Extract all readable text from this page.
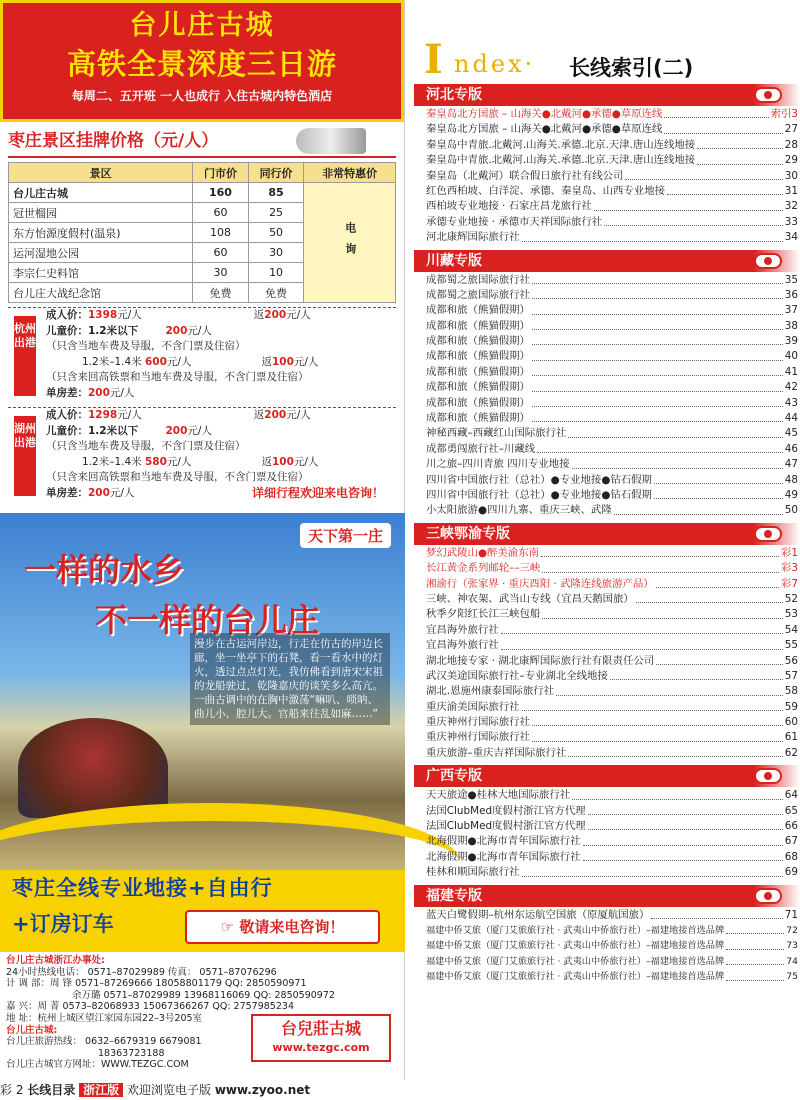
台儿庄古城
高铁全景深度三日游
每周二、五开班 一人也成行 入住古城内特色酒店
枣庄景区挂牌价格（元/人）
景区	门市价	同行价	非常特惠价
台儿庄古城	160	85	电询
冠世榴园	60	25	
东方怡源度假村(温泉)	108	50	
运河湿地公园	60	30	
李宗仁史料馆	30	10	
台儿庄大战纪念馆	免费	免费	
杭州出港
成人价：1398元/人	返200元/人
儿童价：1.2米以下	200元/人
（只含当地车费及导服，不含门票及住宿）
1.2米–1.4米 600元/人	返100元/人
（只含来回高铁票和当地车费及导服，不含门票及住宿）
单房差：200元/人
湖州出港
成人价：1298元/人	返200元/人
儿童价：1.2米以下	200元/人
（只含当地车费及导服，不含门票及住宿）
1.2米–1.4米 580元/人	返100元/人
（只含来回高铁票和当地车费及导服，不含门票及住宿）
单房差：200元/人	详细行程欢迎来电咨询！
天下第一庄
一样的水乡
不一样的台儿庄
漫步在古运河岸边，行走在仿古的岸边长廊，坐一坐亭下的石凳，看一看水中的灯火，透过点点灯光，我仿佛看到唐宋宋祖的龙船驶过，乾隆嘉庆的谈笑多么高亢。一曲古调中的在胸中激荡“嘛叭、唢呐、曲儿小、腔儿大。官船来往乱如麻……”
枣庄全线专业地接+自由行
+订房订车	☞ 敬请来电咨询！
台儿庄古城浙江办事处:
24小时热线电话： 0571–87029989 传真： 0571–87076296
计 调 部：周 锋 0571–87269666 18058801179 QQ: 2850590971
余万璐 0571–87029989 13968116069 QQ: 2850590972
嘉 兴：周 菁 0573–82068933 15067366267 QQ: 2757985234
地 址：杭州上城区望江家园东园22–3号205室
台儿庄古城:
台儿庄旅游热线： 0632–6679319 6679081
18363723188
台儿庄古城官方网址：WWW.TEZGC.COM
台兒莊古城
www.tezgc.com
I ndex· 长线索引(二)
河北专版
秦皇岛北方国旅 – 山海关●北戴河●承德●草原连线	索引3
秦皇岛北方国旅 – 山海关●北戴河●承德●草原连线	27
秦皇岛中青旅.北戴河.山海关.承德.北京.天津.唐山连线地接	28
秦皇岛中青旅.北戴河.山海关.承德.北京.天津.唐山连线地接	29
秦皇岛（北戴河）联合假日旅行社有线公司	30
红色西柏坡、白洋淀、承德、秦皇岛、山西专业地接	31
西柏坡专业地接 · 石家庄昌龙旅行社	32
承德专业地接 · 承德市天祥国际旅行社	33
河北康辉国际旅行社	34
川藏专版
成都蜀之旅国际旅行社	35
成都蜀之旅国际旅行社	36
成都和旅（熊猫假期）	37
成都和旅（熊猫假期）	38
成都和旅（熊猫假期）	39
成都和旅（熊猫假期）	40
成都和旅（熊猫假期）	41
成都和旅（熊猫假期）	42
成都和旅（熊猫假期）	43
成都和旅（熊猫假期）	44
神秘西藏–西藏红山国际旅行社	45
成都勇闯旅行社–川藏线	46
川之旅–四川青旅 四川专业地接	47
四川省中国旅行社（总社）●专业地接●钻石假期	48
四川省中国旅行社（总社）●专业地接●钻石假期	49
小太阳旅游●四川九寨、重庆三峡、武隆	50
三峡鄂渝专版
梦幻武陵山●醉美渝东南	彩1
长江黄金系列邮轮––三峡	彩3
湘渝行（张家界 · 重庆酉阳 · 武隆连线旅游产品）	彩7
三峡、神农架、武当山专线（宜昌天鹅国旅）	52
秋季夕阳红长江三峡包船	53
宜昌海外旅行社	54
宜昌海外旅行社	55
湖北地接专家 · 湖北康辉国际旅行社有限责任公司	56
武汉美途国际旅行社–专业湖北全线地接	57
湖北.恩施州康泰国际旅行社	58
重庆渝美国际旅行社	59
重庆神州行国际旅行社	60
重庆神州行国际旅行社	61
重庆旅游–重庆吉祥国际旅行社	62
广西专版
天天旅途●桂林大地国际旅行社	64
法国ClubMed度假村浙江官方代理	65
法国ClubMed度假村浙江官方代理	66
北海假期●北海市青年国际旅行社	67
北海假期●北海市青年国际旅行社	68
桂林和顺国际旅行社	69
福建专版
蓝天白鹭假期–杭州东运航空国旅（原厦航国旅）	71
福建中侨艾旅（厦门艾旅旅行社 · 武夷山中侨旅行社）–福建地接首选品牌	72
福建中侨艾旅（厦门艾旅旅行社 · 武夷山中侨旅行社）–福建地接首选品牌	73
福建中侨艾旅（厦门艾旅旅行社 · 武夷山中侨旅行社）–福建地接首选品牌	74
福建中侨艾旅（厦门艾旅旅行社 · 武夷山中侨旅行社）–福建地接首选品牌	75
彩 2 长线目录 浙江版 欢迎浏览电子版 www.zyoo.net
